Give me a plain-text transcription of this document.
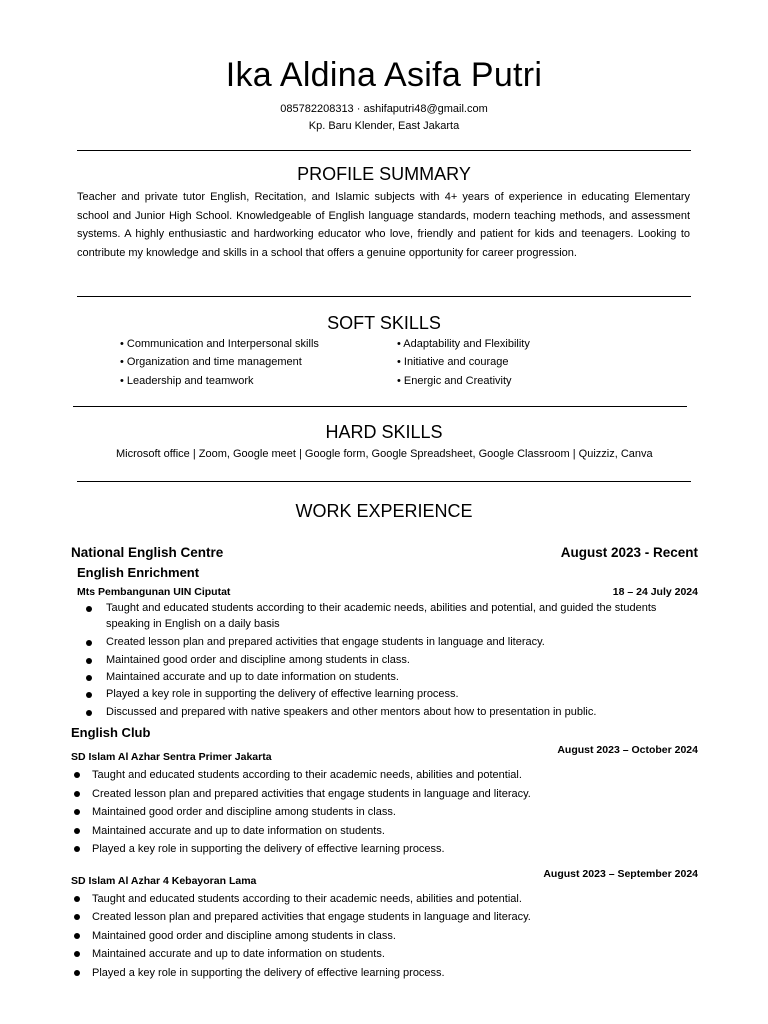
Ika Aldina Asifa Putri
085782208313 · ashifaputri48@gmail.com
Kp. Baru Klender, East Jakarta
PROFILE SUMMARY
Teacher and private tutor English, Recitation, and Islamic subjects with 4+ years of experience in educating Elementary school and Junior High School. Knowledgeable of English language standards, modern teaching methods, and assessment systems. A highly enthusiastic and hardworking educator who love, friendly and patient for kids and teenagers. Looking to contribute my knowledge and skills in a school that offers a genuine opportunity for career progression.
SOFT SKILLS
• Communication and Interpersonal skills
• Organization and time management
• Leadership and teamwork
• Adaptability and Flexibility
• Initiative and courage
• Energic and Creativity
HARD SKILLS
Microsoft office | Zoom, Google meet | Google form, Google Spreadsheet, Google Classroom | Quizziz, Canva
WORK EXPERIENCE
National English Centre	August 2023 - Recent
English Enrichment
Mts Pembangunan UIN Ciputat	18 – 24 July 2024
Taught and educated students according to their academic needs, abilities and potential, and guided the students speaking in English on a daily basis
Created lesson plan and prepared activities that engage students in language and literacy.
Maintained good order and discipline among students in class.
Maintained accurate and up to date information on students.
Played a key role in supporting the delivery of effective learning process.
Discussed and prepared with native speakers and other mentors about how to presentation in public.
English Club
August 2023 – October 2024
SD Islam Al Azhar Sentra Primer Jakarta
Taught and educated students according to their academic needs, abilities and potential.
Created lesson plan and prepared activities that engage students in language and literacy.
Maintained good order and discipline among students in class.
Maintained accurate and up to date information on students.
Played a key role in supporting the delivery of effective learning process.
August 2023 – September 2024
SD Islam Al Azhar 4 Kebayoran Lama
Taught and educated students according to their academic needs, abilities and potential.
Created lesson plan and prepared activities that engage students in language and literacy.
Maintained good order and discipline among students in class.
Maintained accurate and up to date information on students.
Played a key role in supporting the delivery of effective learning process.
